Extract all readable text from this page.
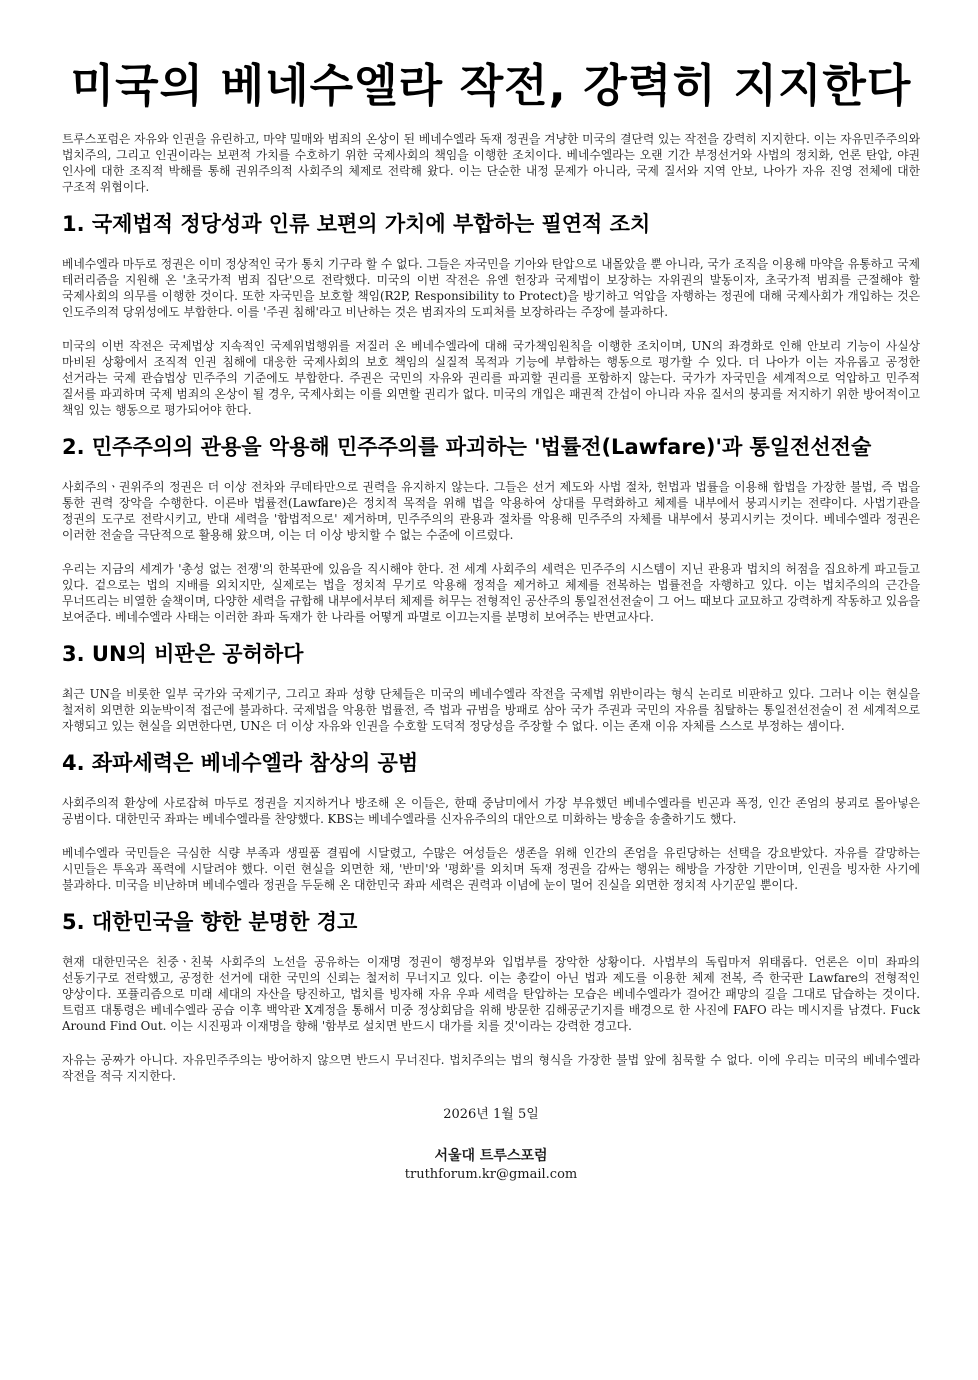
미국의 베네수엘라 작전, 강력히 지지한다

트루스포럼은 자유와 인권을 유린하고, 마약 밀매와 범죄의 온상이 된 베네수엘라 독재 정권을 겨냥한 미국의 결단력 있는 작전을 강력히 지지한다. 이는 자유민주주의와 법치주의, 그리고 인권이라는 보편적 가치를 수호하기 위한 국제사회의 책임을 이행한 조치이다. 베네수엘라는 오랜 기간 부정선거와 사법의 정치화, 언론 탄압, 야권 인사에 대한 조직적 박해를 통해 권위주의적 사회주의 체제로 전락해 왔다. 이는 단순한 내정 문제가 아니라, 국제 질서와 지역 안보, 나아가 자유 진영 전체에 대한 구조적 위협이다.

1. 국제법적 정당성과 인류 보편의 가치에 부합하는 필연적 조치

베네수엘라 마두로 정권은 이미 정상적인 국가 통치 기구라 할 수 없다. 그들은 자국민을 기아와 탄압으로 내몰았을 뿐 아니라, 국가 조직을 이용해 마약을 유통하고 국제 테러리즘을 지원해 온 '초국가적 범죄 집단'으로 전락했다. 미국의 이번 작전은 유엔 헌장과 국제법이 보장하는 자위권의 발동이자, 초국가적 범죄를 근절해야 할 국제사회의 의무를 이행한 것이다. 또한 자국민을 보호할 책임(R2P, Responsibility to Protect)을 방기하고 억압을 자행하는 정권에 대해 국제사회가 개입하는 것은 인도주의적 당위성에도 부합한다. 이를 '주권 침해'라고 비난하는 것은 범죄자의 도피처를 보장하라는 주장에 불과하다.

미국의 이번 작전은 국제법상 지속적인 국제위법행위를 저질러 온 베네수엘라에 대해 국가책임원칙을 이행한 조치이며, UN의 좌경화로 인해 안보리 기능이 사실상 마비된 상황에서 조직적 인권 침해에 대응한 국제사회의 보호 책임의 실질적 목적과 기능에 부합하는 행동으로 평가할 수 있다. 더 나아가 이는 자유롭고 공정한 선거라는 국제 관습법상 민주주의 기준에도 부합한다. 주권은 국민의 자유와 권리를 파괴할 권리를 포함하지 않는다. 국가가 자국민을 세계적으로 억압하고 민주적 질서를 파괴하며 국제 범죄의 온상이 될 경우, 국제사회는 이를 외면할 권리가 없다. 미국의 개입은 패권적 간섭이 아니라 자유 질서의 붕괴를 저지하기 위한 방어적이고 책임 있는 행동으로 평가되어야 한다.

2. 민주주의의 관용을 악용해 민주주의를 파괴하는 '법률전(Lawfare)'과 통일전선전술

사회주의ㆍ권위주의 정권은 더 이상 전차와 쿠데타만으로 권력을 유지하지 않는다. 그들은 선거 제도와 사법 절차, 헌법과 법률을 이용해 합법을 가장한 불법, 즉 법을 통한 권력 장악을 수행한다. 이른바 법률전(Lawfare)은 정치적 목적을 위해 법을 악용하여 상대를 무력화하고 체제를 내부에서 붕괴시키는 전략이다. 사법기관을 정권의 도구로 전락시키고, 반대 세력을 '합법적으로' 제거하며, 민주주의의 관용과 절차를 악용해 민주주의 자체를 내부에서 붕괴시키는 것이다. 베네수엘라 정권은 이러한 전술을 극단적으로 활용해 왔으며, 이는 더 이상 방치할 수 없는 수준에 이르렀다.

우리는 지금의 세계가 '총성 없는 전쟁'의 한복판에 있음을 직시해야 한다. 전 세계 사회주의 세력은 민주주의 시스템이 지닌 관용과 법치의 허점을 집요하게 파고들고 있다. 겉으로는 법의 지배를 외치지만, 실제로는 법을 정치적 무기로 악용해 정적을 제거하고 체제를 전복하는 법률전을 자행하고 있다. 이는 법치주의의 근간을 무너뜨리는 비열한 술책이며, 다양한 세력을 규합해 내부에서부터 체제를 허무는 전형적인 공산주의 통일전선전술이 그 어느 때보다 교묘하고 강력하게 작동하고 있음을 보여준다. 베네수엘라 사태는 이러한 좌파 독재가 한 나라를 어떻게 파멸로 이끄는지를 분명히 보여주는 반면교사다.

3. UN의 비판은 공허하다

최근 UN을 비롯한 일부 국가와 국제기구, 그리고 좌파 성향 단체들은 미국의 베네수엘라 작전을 국제법 위반이라는 형식 논리로 비판하고 있다. 그러나 이는 현실을 철저히 외면한 외눈박이적 접근에 불과하다. 국제법을 악용한 법률전, 즉 법과 규범을 방패로 삼아 국가 주권과 국민의 자유를 침탈하는 통일전선전술이 전 세계적으로 자행되고 있는 현실을 외면한다면, UN은 더 이상 자유와 인권을 수호할 도덕적 정당성을 주장할 수 없다. 이는 존재 이유 자체를 스스로 부정하는 셈이다.

4. 좌파세력은 베네수엘라 참상의 공범

사회주의적 환상에 사로잡혀 마두로 정권을 지지하거나 방조해 온 이들은, 한때 중남미에서 가장 부유했던 베네수엘라를 빈곤과 폭정, 인간 존엄의 붕괴로 몰아넣은 공범이다. 대한민국 좌파는 베네수엘라를 찬양했다. KBS는 베네수엘라를 신자유주의의 대안으로 미화하는 방송을 송출하기도 했다.

베네수엘라 국민들은 극심한 식량 부족과 생필품 결핍에 시달렸고, 수많은 여성들은 생존을 위해 인간의 존엄을 유린당하는 선택을 강요받았다. 자유를 갈망하는 시민들은 투옥과 폭력에 시달려야 했다. 이런 현실을 외면한 채, '반미'와 '평화'를 외치며 독재 정권을 감싸는 행위는 해방을 가장한 기만이며, 인권을 빙자한 사기에 불과하다. 미국을 비난하며 베네수엘라 정권을 두둔해 온 대한민국 좌파 세력은 권력과 이념에 눈이 멀어 진실을 외면한 정치적 사기꾼일 뿐이다.

5. 대한민국을 향한 분명한 경고

현재 대한민국은 친중ㆍ친북 사회주의 노선을 공유하는 이재명 정권이 행정부와 입법부를 장악한 상황이다. 사법부의 독립마저 위태롭다. 언론은 이미 좌파의 선동기구로 전락했고, 공정한 선거에 대한 국민의 신뢰는 철저히 무너지고 있다. 이는 총칼이 아닌 법과 제도를 이용한 체제 전복, 즉 한국판 Lawfare의 전형적인 양상이다. 포퓰리즘으로 미래 세대의 자산을 탕진하고, 법치를 빙자해 자유 우파 세력을 탄압하는 모습은 베네수엘라가 걸어간 패망의 길을 그대로 답습하는 것이다. 트럼프 대통령은 베네수엘라 공습 이후 백악관 X계정을 통해서 미중 정상회담을 위해 방문한 김해공군기지를 배경으로 한 사진에 FAFO 라는 메시지를 남겼다. Fuck Around Find Out. 이는 시진핑과 이재명을 향해 '함부로 설치면 반드시 대가를 치를 것'이라는 강력한 경고다.

자유는 공짜가 아니다. 자유민주주의는 방어하지 않으면 반드시 무너진다. 법치주의는 법의 형식을 가장한 불법 앞에 침묵할 수 없다. 이에 우리는 미국의 베네수엘라 작전을 적극 지지한다.

2026년 1월 5일
서울대 트루스포럼
truthforum.kr@gmail.com
